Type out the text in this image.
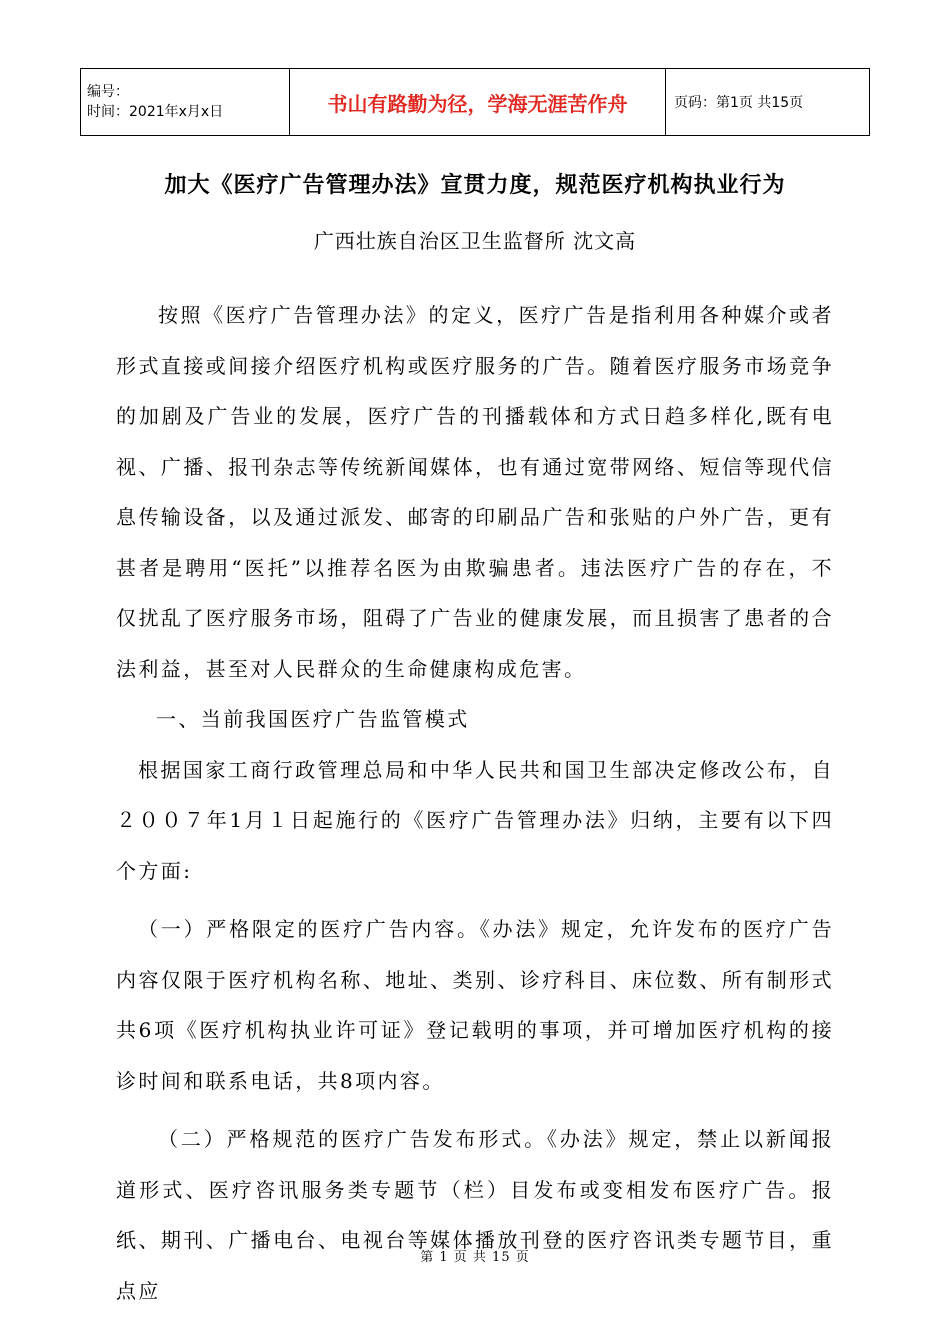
编号：
时间：2021年x月x日	书山有路勤为径，学海无涯苦作舟	页码：第1页 共15页
加大《医疗广告管理办法》宣贯力度，规范医疗机构执业行为
广西壮族自治区卫生监督所 沈文高

按照《医疗广告管理办法》的定义，医疗广告是指利用各种媒介或者形式直接或间接介绍医疗机构或医疗服务的广告。随着医疗服务市场竞争的加剧及广告业的发展，医疗广告的刊播载体和方式日趋多样化,既有电视、广播、报刊杂志等传统新闻媒体，也有通过宽带网络、短信等现代信息传输设备，以及通过派发、邮寄的印刷品广告和张贴的户外广告，更有甚者是聘用“医托”以推荐名医为由欺骗患者。违法医疗广告的存在，不仅扰乱了医疗服务市场，阻碍了广告业的健康发展，而且损害了患者的合法利益，甚至对人民群众的生命健康构成危害。

一、当前我国医疗广告监管模式

根据国家工商行政管理总局和中华人民共和国卫生部决定修改公布，自２００７年1月１日起施行的《医疗广告管理办法》归纳，主要有以下四个方面:

（一）严格限定的医疗广告内容。《办法》规定，允许发布的医疗广告内容仅限于医疗机构名称、地址、类别、诊疗科目、床位数、所有制形式共6项《医疗机构执业许可证》登记载明的事项，并可增加医疗机构的接诊时间和联系电话，共8项内容。

（二）严格规范的医疗广告发布形式。《办法》规定，禁止以新闻报道形式、医疗咨讯服务类专题节（栏）目发布或变相发布医疗广告。报纸、期刊、广播电台、电视台等媒体播放刊登的医疗咨讯类专题节目，重点应

第 1 页 共 15 页
